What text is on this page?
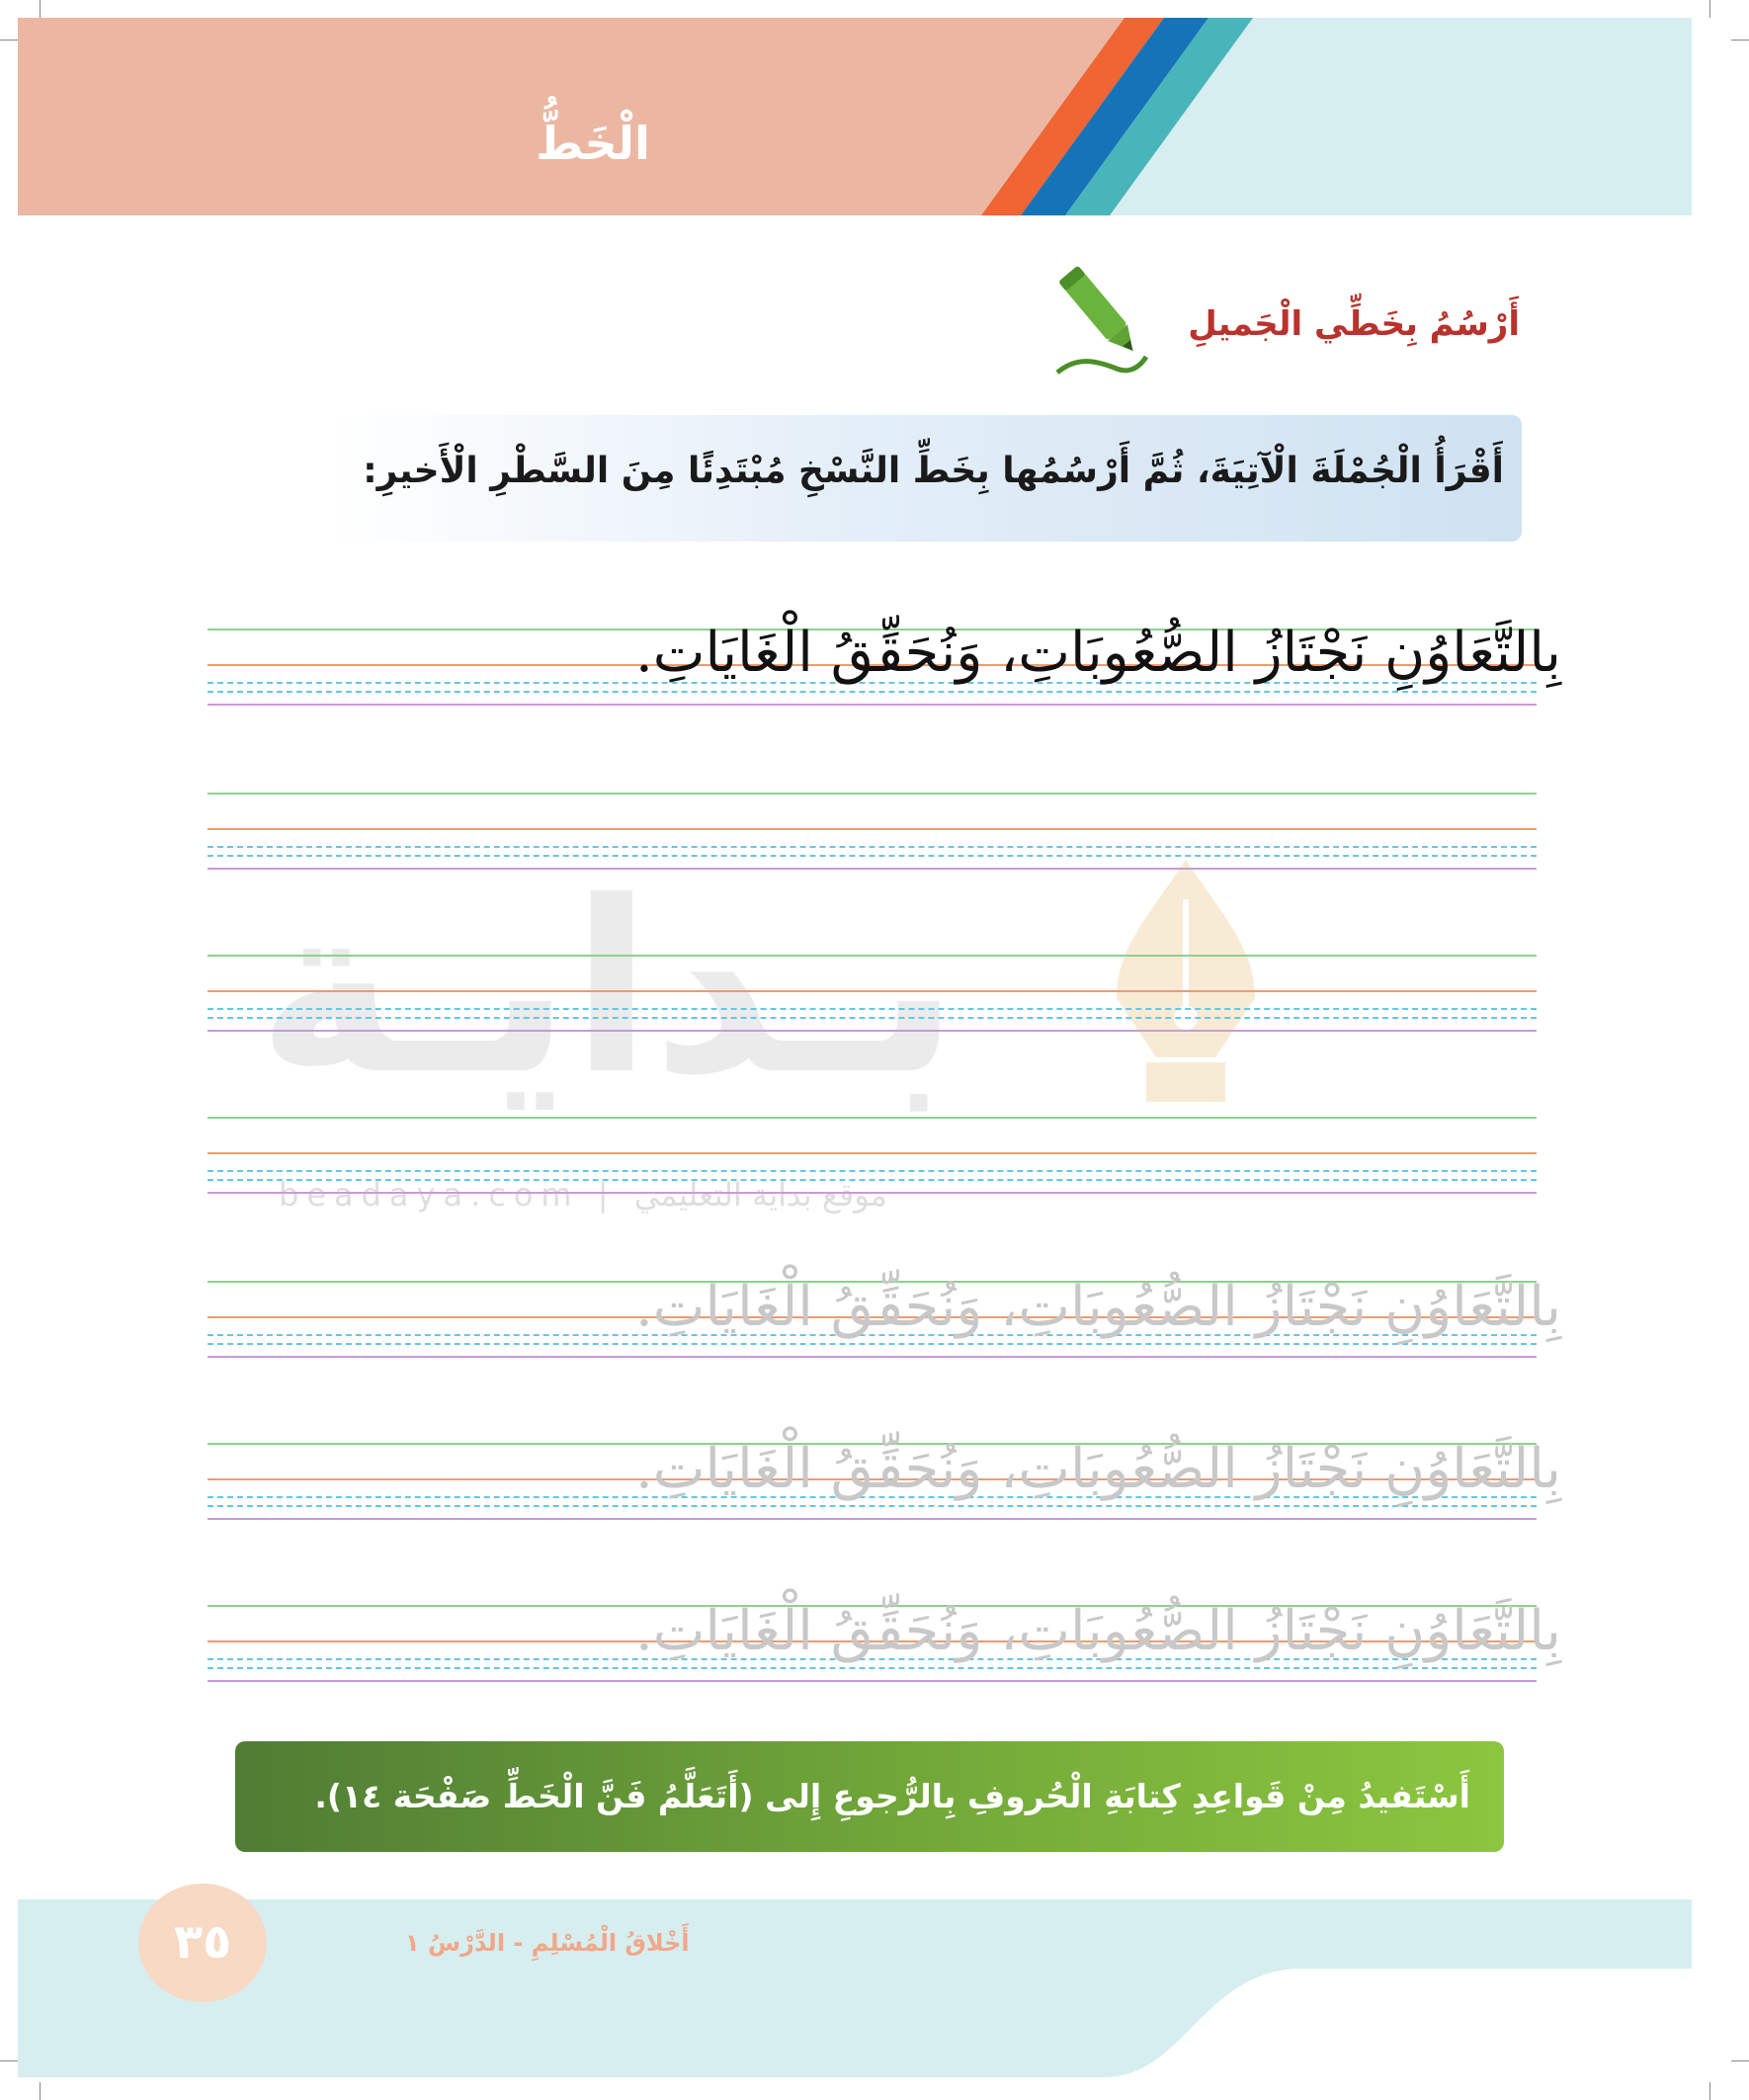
الْخَطُّ
أَرْسُمُ بِخَطِّي الْجَميلِ
أَقْرَأُ الْجُمْلَةَ الْآتِيَةَ، ثُمَّ أَرْسُمُها بِخَطِّ النَّسْخِ مُبْتَدِئًا مِنَ السَّطْرِ الْأَخيرِ:
بـدايـة
beadaya.com | موقع بداية التعليمي
بِالتَّعَاوُنِ نَجْتَازُ الصُّعُوبَاتِ، وَنُحَقِّقُ الْغَايَاتِ.
بِالتَّعَاوُنِ نَجْتَازُ الصُّعُوبَاتِ، وَنُحَقِّقُ الْغَايَاتِ.
بِالتَّعَاوُنِ نَجْتَازُ الصُّعُوبَاتِ، وَنُحَقِّقُ الْغَايَاتِ.
بِالتَّعَاوُنِ نَجْتَازُ الصُّعُوبَاتِ، وَنُحَقِّقُ الْغَايَاتِ.
أَسْتَفيدُ مِنْ قَواعِدِ كِتابَةِ الْحُروفِ بِالرُّجوعِ إِلى (أَتَعَلَّمُ فَنَّ الْخَطِّ صَفْحَة ١٤).
٣٥	أَخْلاقُ الْمُسْلِمِ - الدَّرْسُ ١
